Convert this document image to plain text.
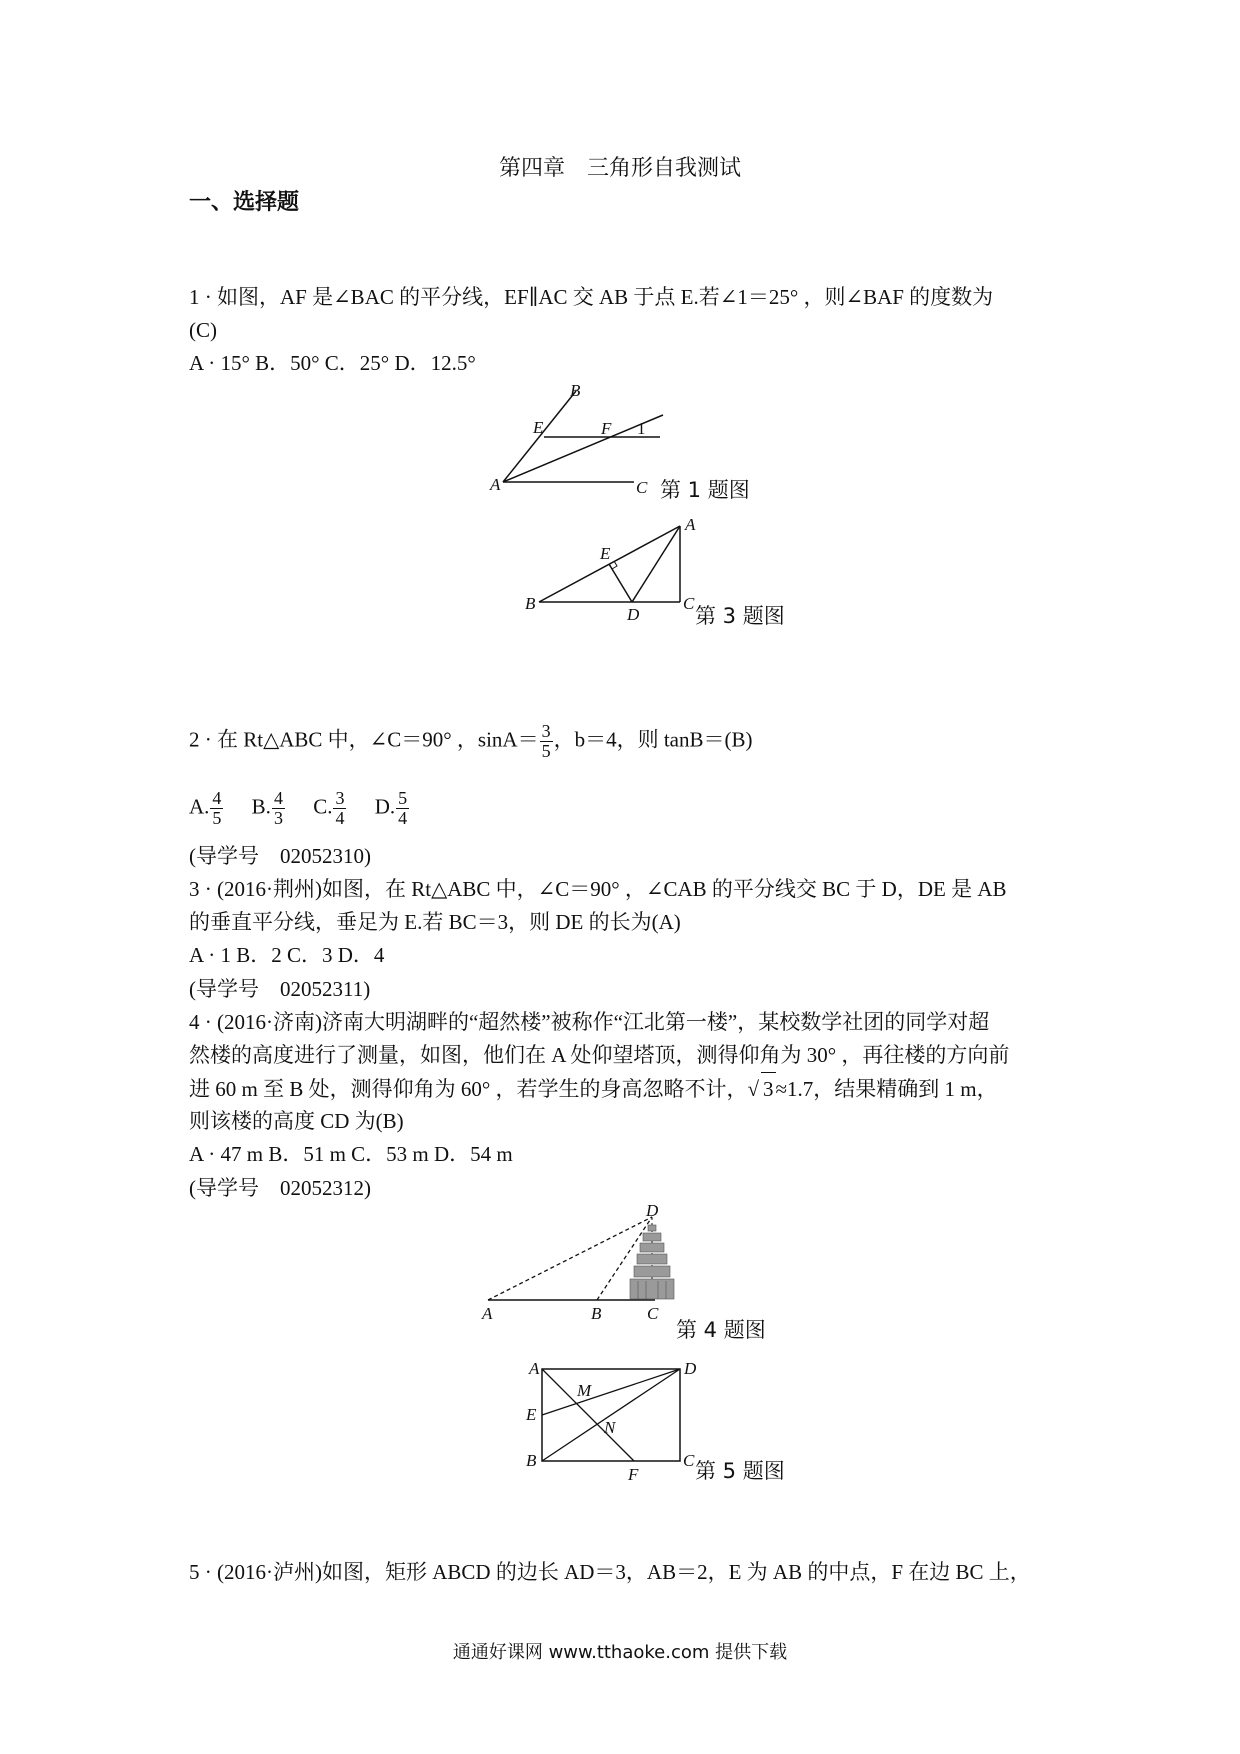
第四章　三角形自我测试
一、选择题
1 · 如图，AF 是∠BAC 的平分线，EF∥AC 交 AB 于点 E.若∠1＝25° ，则∠BAF 的度数为
(C)
A · 15° B．50° C．25° D．12.5°
B
E	F 1
A	C 第 1 题图
A
E
B
D
C
第 3 题图
2 · 在 Rt△ABC 中，∠C＝90° ，$\sin A= \frac{3}{5}$ ，b＝4，则 tanB＝(B)
A. $\frac{4}{5} B$. $\frac{4}{3} C$. $\frac{3}{4} D$. $\frac{5}{4}$
(导学号　02052310)
3 · (2016·荆州)如图，在 Rt△ABC 中，∠C＝90° ，∠CAB 的平分线交 BC 于 D，DE 是 AB
的垂直平分线，垂足为 E.若 BC＝3，则 DE 的长为(A)
A · 1 B．2 C．3 D．4
(导学号　02052311)
4 · (2016·济南)济南大明湖畔的“超然楼”被称作“江北第一楼”，某校数学社团的同学对超
然楼的高度进行了测量，如图，他们在 A 处仰望塔顶，测得仰角为 30° ，再往楼的方向前
进 60 m 至 B 处，测得仰角为 60° ，若学生的身高忽略不计，√ 3≈1.7，结果精确到 1 m，
则该楼的高度 CD 为(B)
A · 47 m B．51 m C．53 m D．54 m
(导学号　02052312)
D
A	B	C
第 4 题图
A	D
M
E
N
B
F
C 第 5 题图
5 · (2016·泸州)如图，矩形 ABCD 的边长 AD＝3，AB＝2，E 为 AB 的中点，F 在边 BC 上，
通通好课网 www.tthaoke.com 提供下载
